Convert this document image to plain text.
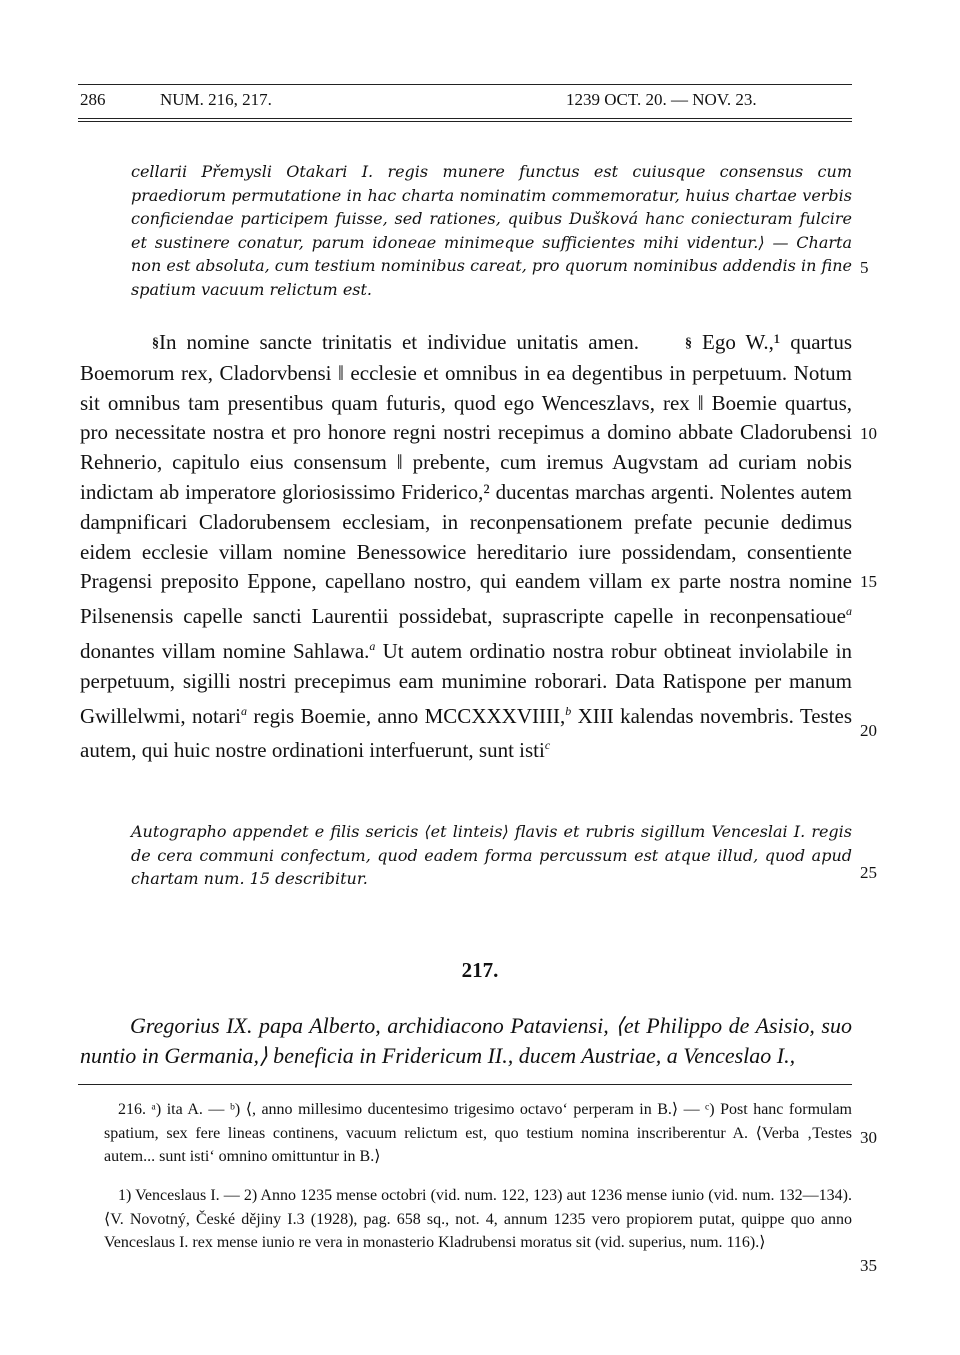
286	NUM. 216, 217.	1239 OCT. 20. — NOV. 23.

cellarii Přemysli Otakari I. regis munere functus est cuiusque consensus cum praediorum permutatione in hac charta nominatim commemoratur, huius chartae verbis conficiendae participem fuisse, sed rationes, quibus Dušková hanc coniecturam fulcire et sustinere conatur, parum idoneae minimeque sufficientes mihi videntur.⟩ — Charta non est absoluta, cum testium nominibus careat, pro quorum nominibus addendis in fine spatium vacuum relictum est.

§In nomine sancte trinitatis et individue unitatis amen.	§ Ego W.,¹ quartus Boemorum rex, Cladorvbensi ‖ ecclesie et omnibus in ea degentibus in perpetuum. Notum sit omnibus tam presentibus quam futuris, quod ego Wenceszlavs, rex ‖ Boemie quartus, pro necessitate nostra et pro honore regni nostri recepimus a domino abbate Cladorubensi Rehnerio, capitulo eius consensum ‖ prebente, cum iremus Augvstam ad curiam nobis indictam ab imperatore gloriosissimo Friderico,² ducentas marchas argenti. Nolentes autem dampnificari Cladorubensem ecclesiam, in reconpensationem prefate pecunie dedimus eidem ecclesie villam nomine Benessowice hereditario iure possidendam, consentiente Pragensi preposito Eppone, capellano nostro, qui eandem villam ex parte nostra nomine Pilsenensis capelle sancti Laurentii possidebat, suprascripte capelle in reconpensatioue$^a$ donantes villam nomine Sahlawa.$^a$ Ut autem ordinatio nostra robur obtineat inviolabile in perpetuum, sigilli nostri precepimus eam munimine roborari. Data Ratispone per manum Gwillelwmi, notari$^a$ regis Boemie, anno MCCXXXVIIII,$^b$ XIII kalendas novembris. Testes autem, qui huic nostre ordinationi interfuerunt, sunt isti$^c$

Autographo appendet e filis sericis ⟨et linteis⟩ flavis et rubris sigillum Venceslai I. regis de cera communi confectum, quod eadem forma percussum est atque illud, quod apud chartam num. 15 describitur.

5
10
15
20
25
30
35
217.

Gregorius IX. papa Alberto, archidiacono Pataviensi, ⟨et Philippo de Asisio, suo nuntio in Germania,⟩ beneficia in Fridericum II., ducem Austriae, a Venceslao I.,

216. ᵃ) ita A. — ᵇ) ⟨, anno millesimo ducentesimo trigesimo octavo‘ perperam in B.⟩ — ᶜ) Post hanc formulam spatium, sex fere lineas continens, vacuum relictum est, quo testium nomina inscriberentur A. ⟨Verba ‚Testes autem... sunt isti‘ omnino omittuntur in B.⟩

1) Venceslaus I. — 2) Anno 1235 mense octobri (vid. num. 122, 123) aut 1236 mense iunio (vid. num. 132—134). ⟨V. Novotný, České dějiny I.3 (1928), pag. 658 sq., not. 4, annum 1235 vero propiorem putat, quippe quo anno Venceslaus I. rex mense iunio re vera in monasterio Kladrubensi moratus sit (vid. superius, num. 116).⟩
